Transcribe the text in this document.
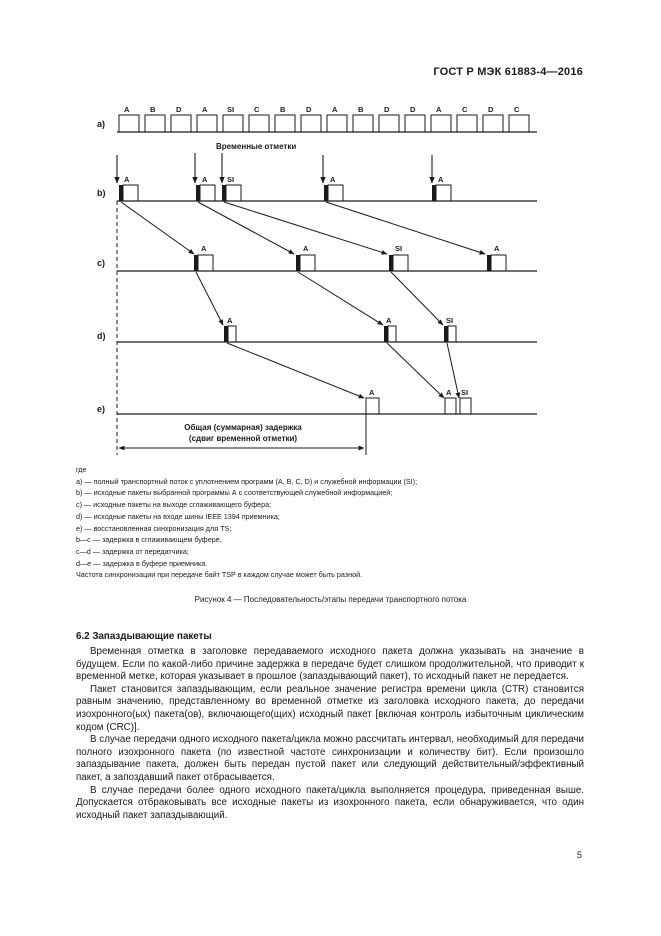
ГОСТ Р МЭК 61883-4—2016
a)
b)
c)
d)
e)
A	B	D	A	SI	C	B	D	A	B	D	D	A	C	D	C
Временные отметки
A	A	SI	A	A
A	A	SI	A
A	A	SI
A	A SI
Общая (суммарная) задержка
(сдвиг временной отметки)
где
а) — полный транспортный поток с уплотнением программ (А, В, С, D) и служебной информации (SI);
b) — исходные пакеты выбранной программы А с соответствующей служебной информацией;
с) — исходные пакеты на выходе сглаживающего буфера;
d) — исходные пакеты на входе шины IEEE 1394 приемника;
е) — восстановленная синхронизация для TS;
b—с — задержка в сглаживающем буфере,
с—d — задержка от передатчика;
d—e — задержка в буфере приемника.
Частота синхронизации при передаче байт TSP в каждом случае может быть разной.
Рисунок 4 — Последовательность/этапы передачи транспортного потока
6.2 Запаздывающие пакеты

Временная отметка в заголовке передаваемого исходного пакета должна указывать на значение в будущем. Если по какой-либо причине задержка в передаче будет слишком продолжительной, что приводит к временной метке, которая указывает в прошлое (запаздывающий пакет), то исходный пакет не передается.

Пакет становится запаздывающим, если реальное значение регистра времени цикла (CTR) становится равным значению, представленному во временной отметке из заголовка исходного пакета, до передачи изохронного(ых) пакета(ов), включающего(щих) исходный пакет [включая контроль избыточным циклическим кодом (CRC)].

В случае передачи одного исходного пакета/цикла можно рассчитать интервал, необходимый для передачи полного изохронного пакета (по известной частоте синхронизации и количеству бит). Если произошло запаздывание пакета, должен быть передан пустой пакет или следующий действительный/эффективный пакет, а запоздавший пакет отбрасывается.

В случае передачи более одного исходного пакета/цикла выполняется процедура, приведенная выше. Допускается отбраковывать все исходные пакеты из изохронного пакета, если обнаруживается, что один исходный пакет запаздывающий.

5
